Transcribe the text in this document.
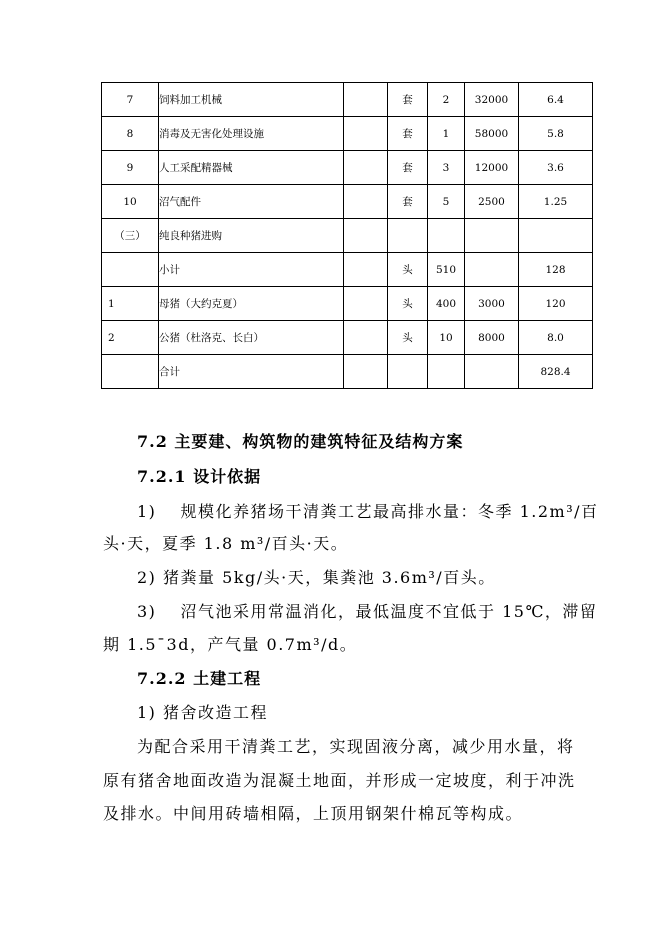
7	饲料加工机械		套	2	32000	6.4
8	消毒及无害化处理设施		套	1	58000	5.8
9	人工采配精器械		套	3	12000	3.6
10	沼气配件		套	5	2500	1.25
（三）	纯良种猪进购					
	小计		头	510		128
1	母猪（大约克夏）		头	400	3000	120
2	公猪（杜洛克、长白）		头	10	8000	8.0
	合计					828.4
7.2 主要建、构筑物的建筑特征及结构方案
7.2.1 设计依据
1)　 规模化养猪场干清粪工艺最高排水量：冬季 1.2m³/百
头·天，夏季 1.8 m³/百头·天。
2) 猪粪量 5kg/头·天，集粪池 3.6m³/百头。
3)　 沼气池采用常温消化，最低温度不宜低于 15℃，滞留
期 1.5¯3d，产气量 0.7m³/d。
7.2.2 土建工程
1) 猪舍改造工程
为配合采用干清粪工艺，实现固液分离，减少用水量，将
原有猪舍地面改造为混凝土地面，并形成一定坡度，利于冲洗
及排水。中间用砖墙相隔，上顶用钢架什棉瓦等构成。
